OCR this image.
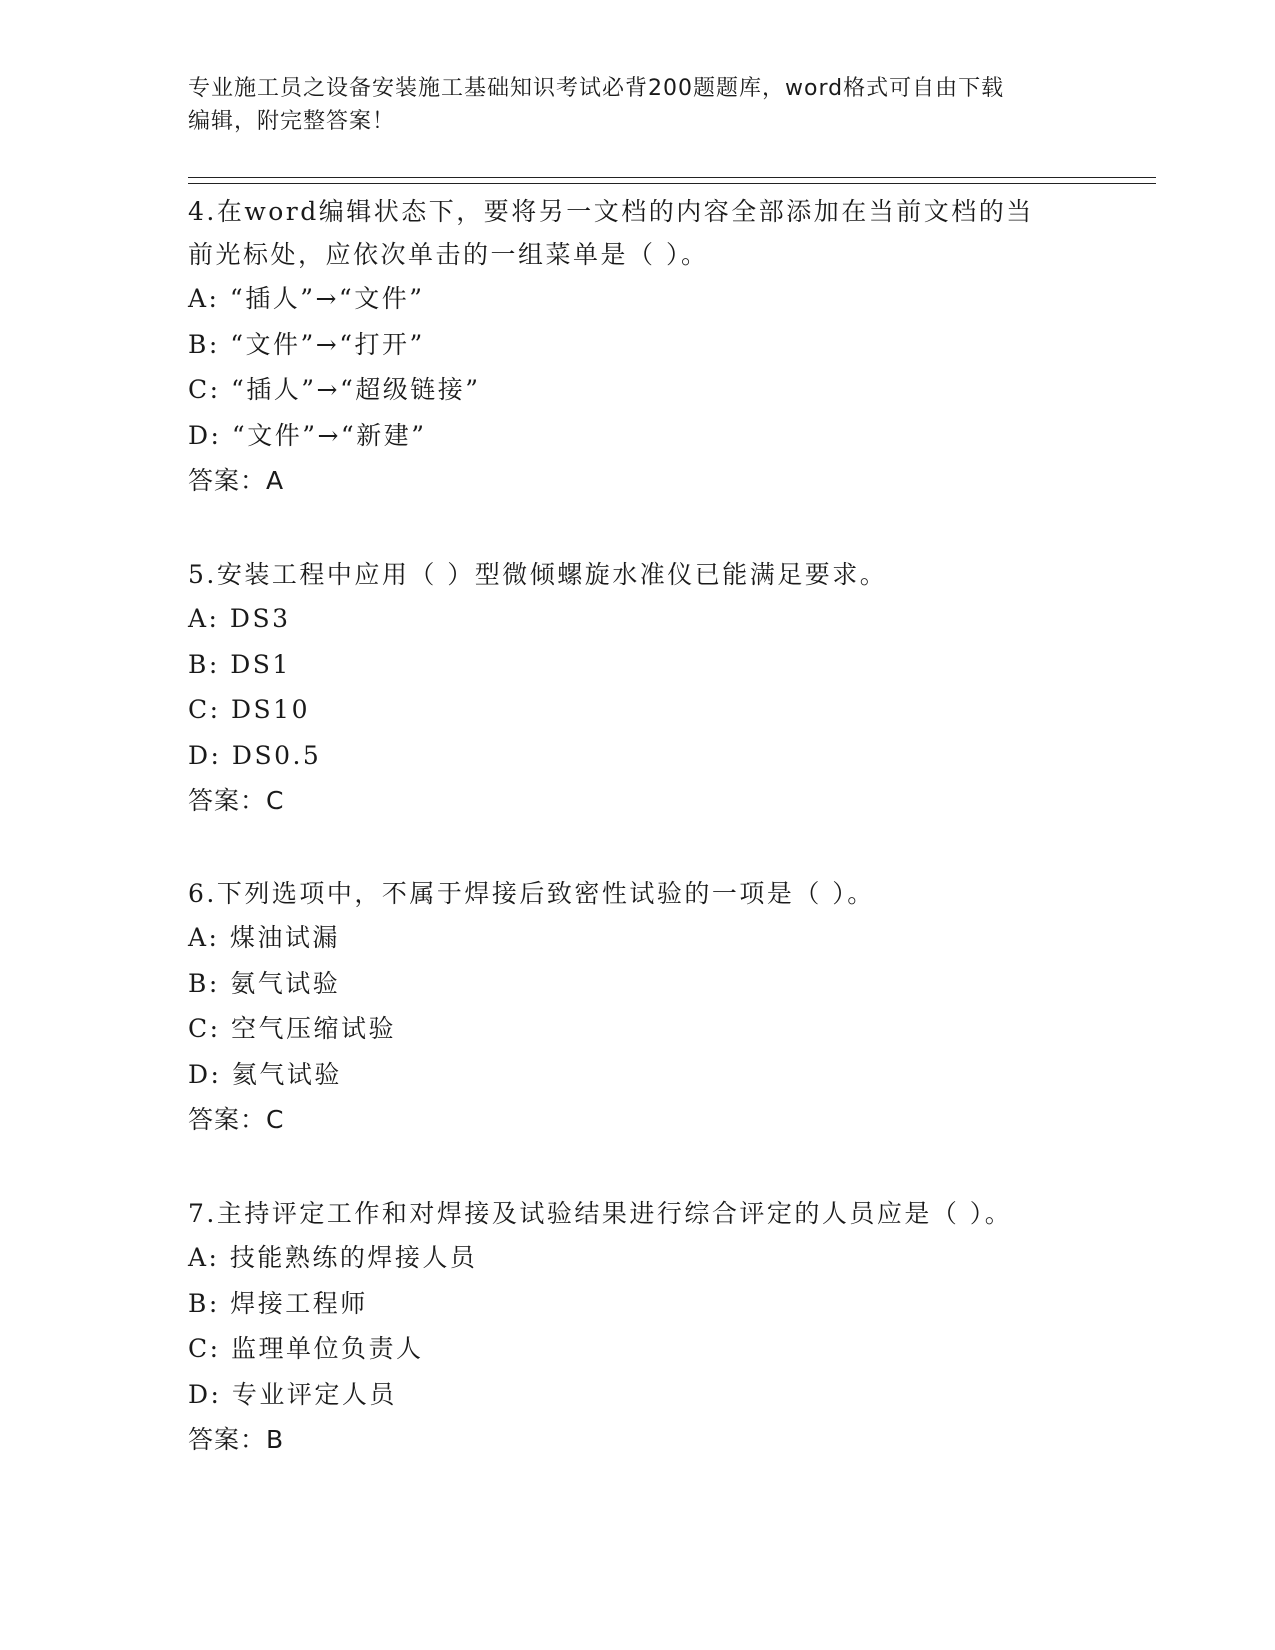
专业施工员之设备安装施工基础知识考试必背200题题库，word格式可自由下载
编辑，附完整答案！
4.在word编辑状态下，要将另一文档的内容全部添加在当前文档的当
前光标处，应依次单击的一组菜单是（ ）。
A: “插人”→“文件”
B: “文件”→“打开”
C: “插人”→“超级链接”
D: “文件”→“新建”
答案：A
5.安装工程中应用（ ）型微倾螺旋水准仪已能满足要求。
A: DS3
B: DS1
C: DS10
D: DS0.5
答案：C
6.下列选项中，不属于焊接后致密性试验的一项是（ ）。
A: 煤油试漏
B: 氨气试验
C: 空气压缩试验
D: 氦气试验
答案：C
7.主持评定工作和对焊接及试验结果进行综合评定的人员应是（ ）。
A: 技能熟练的焊接人员
B: 焊接工程师
C: 监理单位负责人
D: 专业评定人员
答案：B
